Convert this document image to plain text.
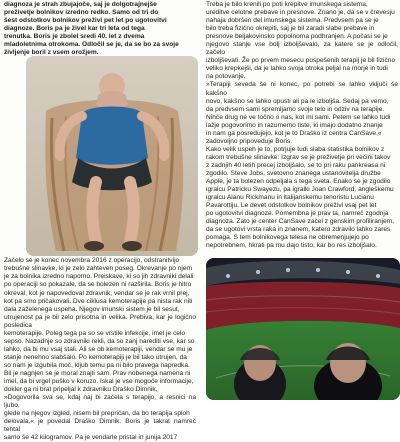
diagnoza je strah zbujajoče, saj je dolgotrajnejše

preživetje bolnikov izredno redko. Samo od tri do

šest odstotkov bolnikov preživi pet let po ugotovitvi

diagnoze. Boris pa je živel kar tri leta od tega

trenutka. Boris je zbolel sredi 40. let z dvema

mladoletnima otrokoma. Odločil se je, da se bo za svoje

življenje boril z vsem orožjem.

Začelo se je konec novembra 2016 z operacijo, odstranitvijo

trebušne slinavke, ki je zelo zahteven poseg. Okrevanje po njem

je za bolnika izredno naporno. Preiskave, ki so jih zdravniki delali

po operaciji so pokazale, da se bolezen ni razširila. Boris je hitro

okreval, kot je napovedoval zdravnik, vendar se je rak vrnil prej,

kot pa smo pričakovali. Dve ciklusa kemoterapije pa nista rak niti

dala zaželenega uspeha. Njegov imunski sistem je bil sesut,

utrujenost pa je bil zelo prisotna in velika. Prebiva, kar je logično posledica

kemoterapije. Poleg tega pa so se vrstile infekcije, imel je celo

sepso. Nazadnje so zdravniki rekli, da so zanj narediti vse, kar so

lahko, da bi mu vsaj stali. Ali se ob kemoterapiji, vendar se mu je

stanje nenehno slabšalo. Po kemoterapiji je bil tako utrujen, da

so nam je izgubila moč, kljub temu pa ni bilo pravega napredka.

Bil je nagnjen se je moral znajti sam. Prav nobenega namena ni

imel, da bi vrgel puško v koruzo. Iskal je vse mogoče informacije,

dokler ga ni brat pripeljal k zdravniku Draško Dimnik,

»Dogovorila sva se, kdaj naj bi začela s terapijo, a resnici na ljubo,

glede na njegov izgled, nisem bil prepričan, da bo terapija sploh

delovala,« je povedal Draško Dimnik. Boris je takrat namreč tehtal

samo še 42 kilogramov. Pa je vendarle pristal in junija 2017

Treba je bilo krenili po poti krepitve imunskega sistema,

ureditve celotne prebave in presnove. Znano je, da se v črevesju

nahaja dobršen del imunskega sistema. Predvsem pa se je

bilo treba fizično okrepiti, saj je bil zaradi slabe prebave in

presnove beljakovinsko popolnoma podhranjen. A počasi se je

njegovo stanje vse bolj izboljševalo, za katere se je odločil, začelo

izboljševati. Že po prvem mesecu pospešenih terapij je bil fizično

veliko krepkejši, da je lahko svoja otroka peljal na morje in tudi

na potovanje.

»Terapiji seveda še ni konec, po potrebi se lahko vključi še kakšno

novo, kakšno se lahko opusti ali pa le izboljša. Sedaj pa vemo,

da predvsem sami spremljamo svoje telo in odziv na terapije.

Nihče drug ne ve točno o nas, kot mi sami. Petem se lahko tudi

lažje pogovorimo in razumemo tiste, ki imajo dodatno znanje

in nam ga posredujejo, kot je to Draško iz centra CanSave,«

zadovoljno pripoveduje Boris.

Kako velik uspeh je to, potrjuje tudi slaba statistika bolnikov z

rakom trebušne slinavke: Izgrav se je preživetje pri večini takov

z zadnjih 40 letih precej izboljšalo, se to pri raku pankreasa ni

zgodilo. Steve Jobs, svetovno znanega ustanovitelja družbe

Apple, je ta bolezen odpeljala s tega sveta. Enako se je zgodilo

igralcu Patricku Swayezu, pa igralki Joan Crawford, angleškemu

igralcu Alanu Rickmanu in italijanskemu tenoristu Lucianu

Pavarottiju. Le devet odstotkov bolnikov preživi vsaj pet let

po ugotovitvi diagnoze. Pomembna je prav ta, namreč zgodnja

diagnoza. Zato je center CanSave začel z genskim profiliranjem,

da se ugotovi vrsta raka in znanem, katero zdravilo lahko zares

pomaga. S tem bolnikovega telesa ne obremenjujejo po

nepotrebnem, hkrati pa mu dajo tisto, kar bo res izboljšalo.
